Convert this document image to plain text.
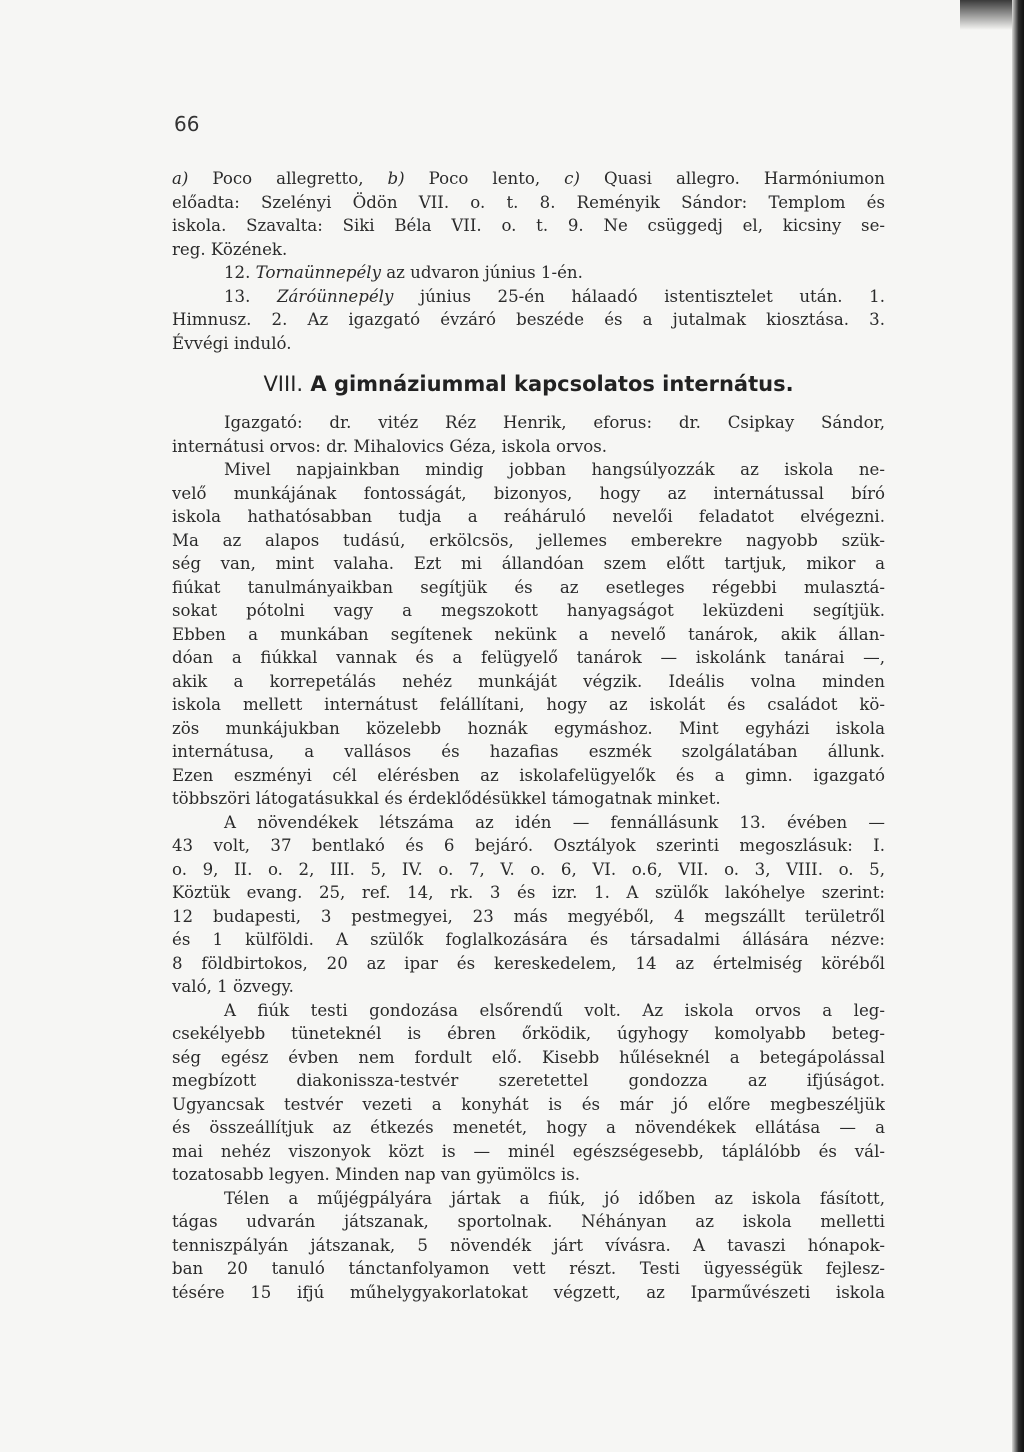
66
a) Poco allegretto, b) Poco lento, c) Quasi allegro. Harmóniumon
előadta: Szelényi Ödön VII. o. t. 8. Reményik Sándor: Templom és
iskola. Szavalta: Siki Béla VII. o. t. 9. Ne csüggedj el, kicsiny se-
reg. Közének.
12. Tornaünnepély az udvaron június 1-én.
13. Záróünnepély június 25-én hálaadó istentisztelet után. 1.
Himnusz. 2. Az igazgató évzáró beszéde és a jutalmak kiosztása. 3.
Évvégi induló.
VIII. A gimnáziummal kapcsolatos internátus.
Igazgató: dr. vitéz Réz Henrik, eforus: dr. Csipkay Sándor,
internátusi orvos: dr. Mihalovics Géza, iskola orvos.
Mivel napjainkban mindig jobban hangsúlyozzák az iskola ne-
velő munkájának fontosságát, bizonyos, hogy az internátussal bíró
iskola hathatósabban tudja a reáháruló nevelői feladatot elvégezni.
Ma az alapos tudású, erkölcsös, jellemes emberekre nagyobb szük-
ség van, mint valaha. Ezt mi állandóan szem előtt tartjuk, mikor a
fiúkat tanulmányaikban segítjük és az esetleges régebbi mulasztá-
sokat pótolni vagy a megszokott hanyagságot leküzdeni segítjük.
Ebben a munkában segítenek nekünk a nevelő tanárok, akik állan-
dóan a fiúkkal vannak és a felügyelő tanárok — iskolánk tanárai —,
akik a korrepetálás nehéz munkáját végzik. Ideális volna minden
iskola mellett internátust felállítani, hogy az iskolát és családot kö-
zös munkájukban közelebb hoznák egymáshoz. Mint egyházi iskola
internátusa, a vallásos és hazafias eszmék szolgálatában állunk.
Ezen eszményi cél elérésben az iskolafelügyelők és a gimn. igazgató
többszöri látogatásukkal és érdeklődésükkel támogatnak minket.
A növendékek létszáma az idén — fennállásunk 13. évében —
43 volt, 37 bentlakó és 6 bejáró. Osztályok szerinti megoszlásuk: I.
o. 9, II. o. 2, III. 5, IV. o. 7, V. o. 6, VI. o.6, VII. o. 3, VIII. o. 5,
Köztük evang. 25, ref. 14, rk. 3 és izr. 1. A szülők lakóhelye szerint:
12 budapesti, 3 pestmegyei, 23 más megyéből, 4 megszállt területről
és 1 külföldi. A szülők foglalkozására és társadalmi állására nézve:
8 földbirtokos, 20 az ipar és kereskedelem, 14 az értelmiség köréből
való, 1 özvegy.
A fiúk testi gondozása elsőrendű volt. Az iskola orvos a leg-
csekélyebb tüneteknél is ébren őrködik, úgyhogy komolyabb beteg-
ség egész évben nem fordult elő. Kisebb hűléseknél a betegápolással
megbízott diakonissza-testvér szeretettel gondozza az ifjúságot.
Ugyancsak testvér vezeti a konyhát is és már jó előre megbeszéljük
és összeállítjuk az étkezés menetét, hogy a növendékek ellátása — a
mai nehéz viszonyok közt is — minél egészségesebb, táplálóbb és vál-
tozatosabb legyen. Minden nap van gyümölcs is.
Télen a műjégpályára jártak a fiúk, jó időben az iskola fásított,
tágas udvarán játszanak, sportolnak. Néhányan az iskola melletti
tenniszpályán játszanak, 5 növendék járt vívásra. A tavaszi hónapok-
ban 20 tanuló tánctanfolyamon vett részt. Testi ügyességük fejlesz-
tésére 15 ifjú műhelygyakorlatokat végzett, az Iparművészeti iskola
